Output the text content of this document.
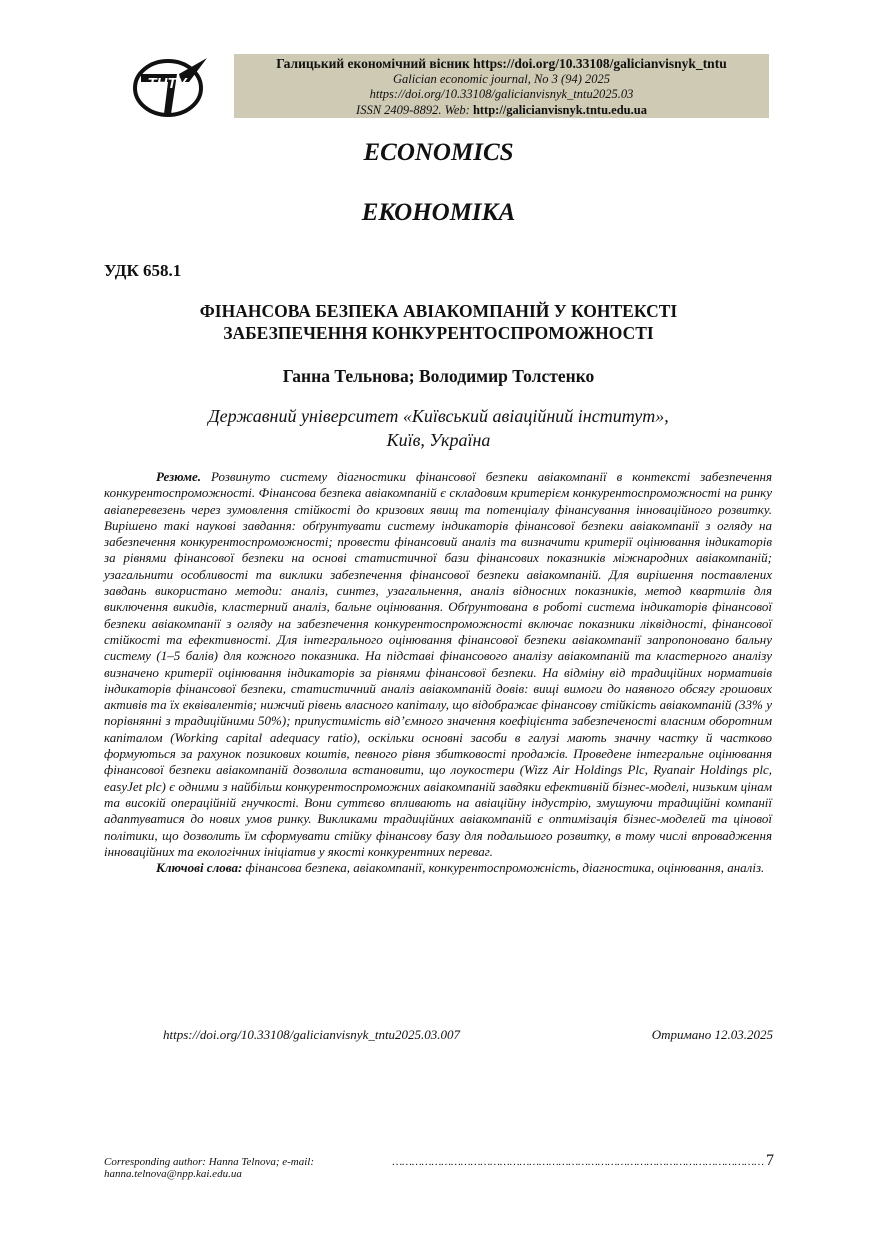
ТНТУ
Галицький економічний вісник https://doi.org/10.33108/galicianvisnyk_tntu
Galician economic journal, No 3 (94) 2025
https://doi.org/10.33108/galicianvisnyk_tntu2025.03
ISSN 2409-8892. Web: http://galicianvisnyk.tntu.edu.ua
ECONOMICS
ЕКОНОМІКА
УДК 658.1
ФІНАНСОВА БЕЗПЕКА АВІАКОМПАНІЙ У КОНТЕКСТІ
ЗАБЕЗПЕЧЕННЯ КОНКУРЕНТОСПРОМОЖНОСТІ
Ганна Тельнова; Володимир Толстенко
Державний університет «Київський авіаційний інститут»,
Київ, Україна

Резюме. Розвинуто систему діагностики фінансової безпеки авіакомпанії в контексті забезпечення конкурентоспроможності. Фінансова безпека авіакомпаній є складовим критерієм конкурентоспроможності на ринку авіаперевезень через зумовлення стійкості до кризових явищ та потенціалу фінансування інноваційного розвитку. Вирішено такі наукові завдання: обґрунтувати систему індикаторів фінансової безпеки авіакомпанії з огляду на забезпечення конкурентоспроможності; провести фінансовий аналіз та визначити критерії оцінювання індикаторів за рівнями фінансової безпеки на основі статистичної бази фінансових показників міжнародних авіакомпаній; узагальнити особливості та виклики забезпечення фінансової безпеки авіакомпаній. Для вирішення поставлених завдань використано методи: аналіз, синтез, узагальнення, аналіз відносних показників, метод квартилів для виключення викидів, кластерний аналіз, бальне оцінювання. Обґрунтована в роботі система індикаторів фінансової безпеки авіакомпанії з огляду на забезпечення конкурентоспроможності включає показники ліквідності, фінансової стійкості та ефективності. Для інтегрального оцінювання фінансової безпеки авіакомпанії запропоновано бальну систему (1–5 балів) для кожного показника. На підставі фінансового аналізу авіакомпаній та кластерного аналізу визначено критерії оцінювання індикаторів за рівнями фінансової безпеки. На відміну від традиційних нормативів індикаторів фінансової безпеки, статистичний аналіз авіакомпаній довів: вищі вимоги до наявного обсягу грошових активів та їх еквівалентів; нижчий рівень власного капіталу, що відображає фінансову стійкість авіакомпаній (33% у порівнянні з традиційними 50%); припустимість від’ємного значення коефіцієнта забезпеченості власним оборотним капіталом (Working capital adequacy ratio), оскільки основні засоби в галузі мають значну частку й частково формуються за рахунок позикових коштів, певного рівня збитковості продажів. Проведене інтегральне оцінювання фінансової безпеки авіакомпаній дозволила встановити, що лоукостери (Wizz Air Holdings Plc, Ryanair Holdings plc, easyJet plc) є одними з найбільш конкурентоспроможних авіакомпаній завдяки ефективній бізнес-моделі, низьким цінам та високій операційній гнучкості. Вони суттєво впливають на авіаційну індустрію, змушуючи традиційні компанії адаптуватися до нових умов ринку. Викликами традиційних авіакомпаній є оптимізація бізнес-моделей та цінової політики, що дозволить їм сформувати стійку фінансову базу для подальшого розвитку, в тому числі впровадження інноваційних та екологічних ініціатив у якості конкурентних переваг.

Ключові слова: фінансова безпека, авіакомпанії, конкурентоспроможність, діагностика, оцінювання, аналіз.

https://doi.org/10.33108/galicianvisnyk_tntu2025.03.007	Отримано 12.03.2025
Corresponding author: Hanna Telnova; e-mail: hanna.telnova@npp.kai.edu.ua
…………………………………………………………………………………………………… 7
